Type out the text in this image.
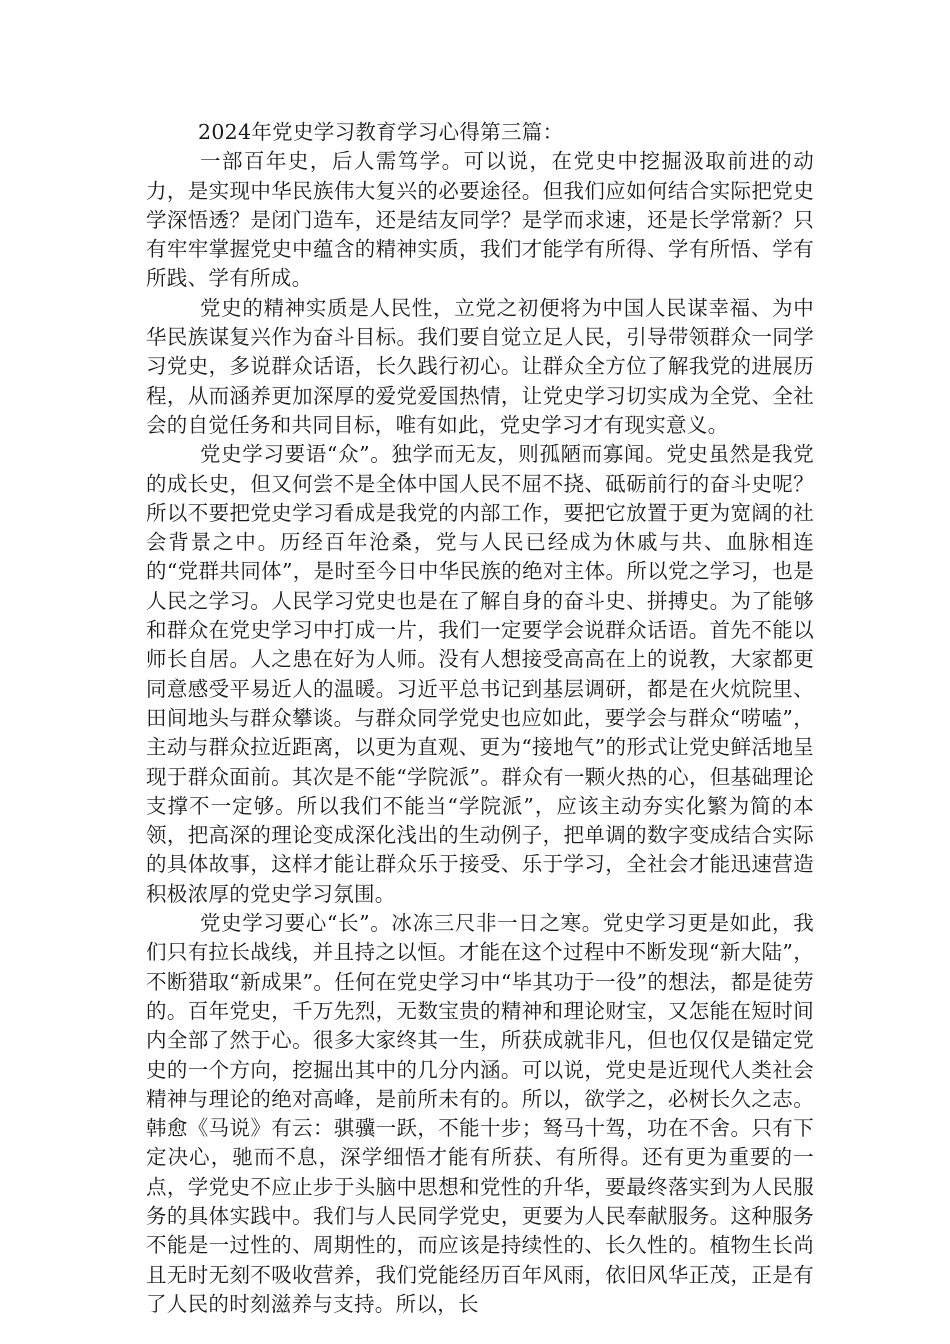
2024年党史学习教育学习心得第三篇：

一部百年史，后人需笃学。可以说，在党史中挖掘汲取前进的动力，是实现中华民族伟大复兴的必要途径。但我们应如何结合实际把党史学深悟透？是闭门造车，还是结友同学？是学而求速，还是长学常新？只有牢牢掌握党史中蕴含的精神实质，我们才能学有所得、学有所悟、学有所践、学有所成。

党史的精神实质是人民性，立党之初便将为中国人民谋幸福、为中华民族谋复兴作为奋斗目标。我们要自觉立足人民，引导带领群众一同学习党史，多说群众话语，长久践行初心。让群众全方位了解我党的进展历程，从而涵养更加深厚的爱党爱国热情，让党史学习切实成为全党、全社会的自觉任务和共同目标，唯有如此，党史学习才有现实意义。

党史学习要语“众”。独学而无友，则孤陋而寡闻。党史虽然是我党的成长史，但又何尝不是全体中国人民不屈不挠、砥砺前行的奋斗史呢？所以不要把党史学习看成是我党的内部工作，要把它放置于更为宽阔的社会背景之中。历经百年沧桑，党与人民已经成为休戚与共、血脉相连的“党群共同体”，是时至今日中华民族的绝对主体。所以党之学习，也是人民之学习。人民学习党史也是在了解自身的奋斗史、拼搏史。为了能够和群众在党史学习中打成一片，我们一定要学会说群众话语。首先不能以师长自居。人之患在好为人师。没有人想接受高高在上的说教，大家都更同意感受平易近人的温暖。习近平总书记到基层调研，都是在火炕院里、田间地头与群众攀谈。与群众同学党史也应如此，要学会与群众“唠嗑”，主动与群众拉近距离，以更为直观、更为“接地气”的形式让党史鲜活地呈现于群众面前。其次是不能“学院派”。群众有一颗火热的心，但基础理论支撑不一定够。所以我们不能当“学院派”，应该主动夯实化繁为简的本领，把高深的理论变成深化浅出的生动例子，把单调的数字变成结合实际的具体故事，这样才能让群众乐于接受、乐于学习，全社会才能迅速营造积极浓厚的党史学习氛围。

党史学习要心“长”。冰冻三尺非一日之寒。党史学习更是如此，我们只有拉长战线，并且持之以恒。才能在这个过程中不断发现“新大陆”，不断猎取“新成果”。任何在党史学习中“毕其功于一役”的想法，都是徒劳的。百年党史，千万先烈，无数宝贵的精神和理论财宝，又怎能在短时间内全部了然于心。很多大家终其一生，所获成就非凡，但也仅仅是锚定党史的一个方向，挖掘出其中的几分内涵。可以说，党史是近现代人类社会精神与理论的绝对高峰，是前所未有的。所以，欲学之，必树长久之志。韩愈《马说》有云：骐骥一跃，不能十步；驽马十驾，功在不舍。只有下定决心，驰而不息，深学细悟才能有所获、有所得。还有更为重要的一点，学党史不应止步于头脑中思想和党性的升华，要最终落实到为人民服务的具体实践中。我们与人民同学党史，更要为人民奉献服务。这种服务不能是一过性的、周期性的，而应该是持续性的、长久性的。植物生长尚且无时无刻不吸收营养，我们党能经历百年风雨，依旧风华正茂，正是有了人民的时刻滋养与支持。所以，长
